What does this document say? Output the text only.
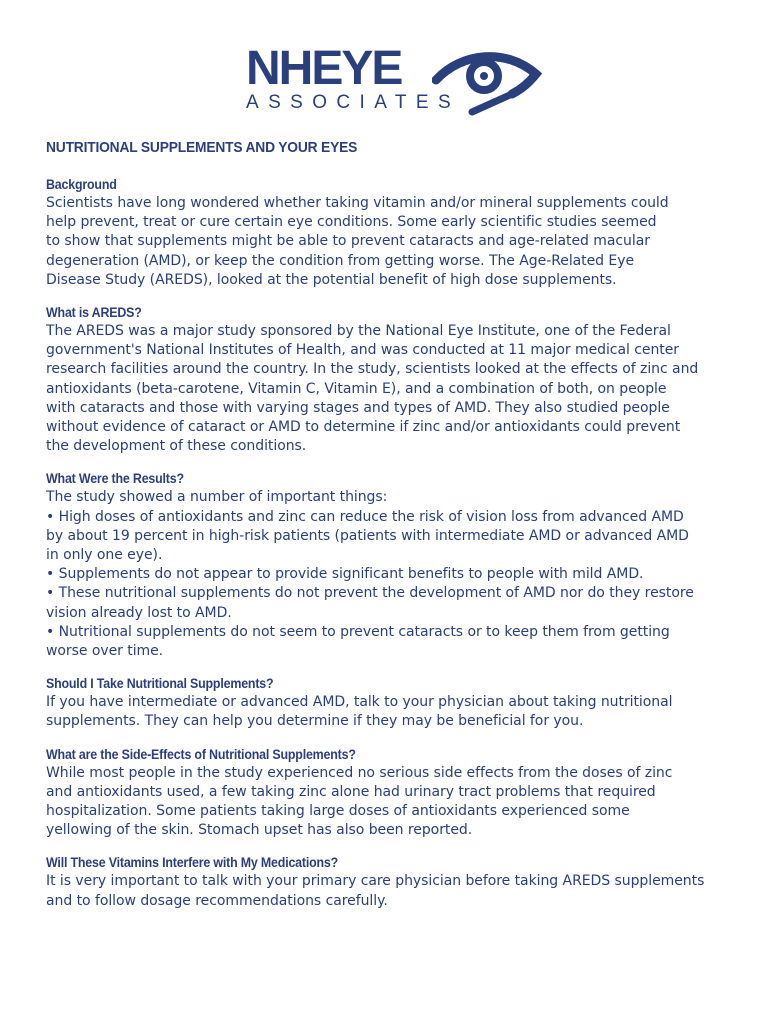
NHEYE
ASSOCIATES
NUTRITIONAL SUPPLEMENTS AND YOUR EYES
Background
Scientists have long wondered whether taking vitamin and/or mineral supplements could
help prevent, treat or cure certain eye conditions. Some early scientific studies seemed
to show that supplements might be able to prevent cataracts and age-related macular
degeneration (AMD), or keep the condition from getting worse. The Age-Related Eye
Disease Study (AREDS), looked at the potential benefit of high dose supplements.
What is AREDS?
The AREDS was a major study sponsored by the National Eye Institute, one of the Federal
government's National Institutes of Health, and was conducted at 11 major medical center
research facilities around the country. In the study, scientists looked at the effects of zinc and
antioxidants (beta-carotene, Vitamin C, Vitamin E), and a combination of both, on people
with cataracts and those with varying stages and types of AMD. They also studied people
without evidence of cataract or AMD to determine if zinc and/or antioxidants could prevent
the development of these conditions.
What Were the Results?
The study showed a number of important things:
• High doses of antioxidants and zinc can reduce the risk of vision loss from advanced AMD
by about 19 percent in high-risk patients (patients with intermediate AMD or advanced AMD
in only one eye).
• Supplements do not appear to provide significant benefits to people with mild AMD.
• These nutritional supplements do not prevent the development of AMD nor do they restore
vision already lost to AMD.
• Nutritional supplements do not seem to prevent cataracts or to keep them from getting
worse over time.
Should I Take Nutritional Supplements?
If you have intermediate or advanced AMD, talk to your physician about taking nutritional
supplements. They can help you determine if they may be beneficial for you.
What are the Side-Effects of Nutritional Supplements?
While most people in the study experienced no serious side effects from the doses of zinc
and antioxidants used, a few taking zinc alone had urinary tract problems that required
hospitalization. Some patients taking large doses of antioxidants experienced some
yellowing of the skin. Stomach upset has also been reported.
Will These Vitamins Interfere with My Medications?
It is very important to talk with your primary care physician before taking AREDS supplements
and to follow dosage recommendations carefully.
